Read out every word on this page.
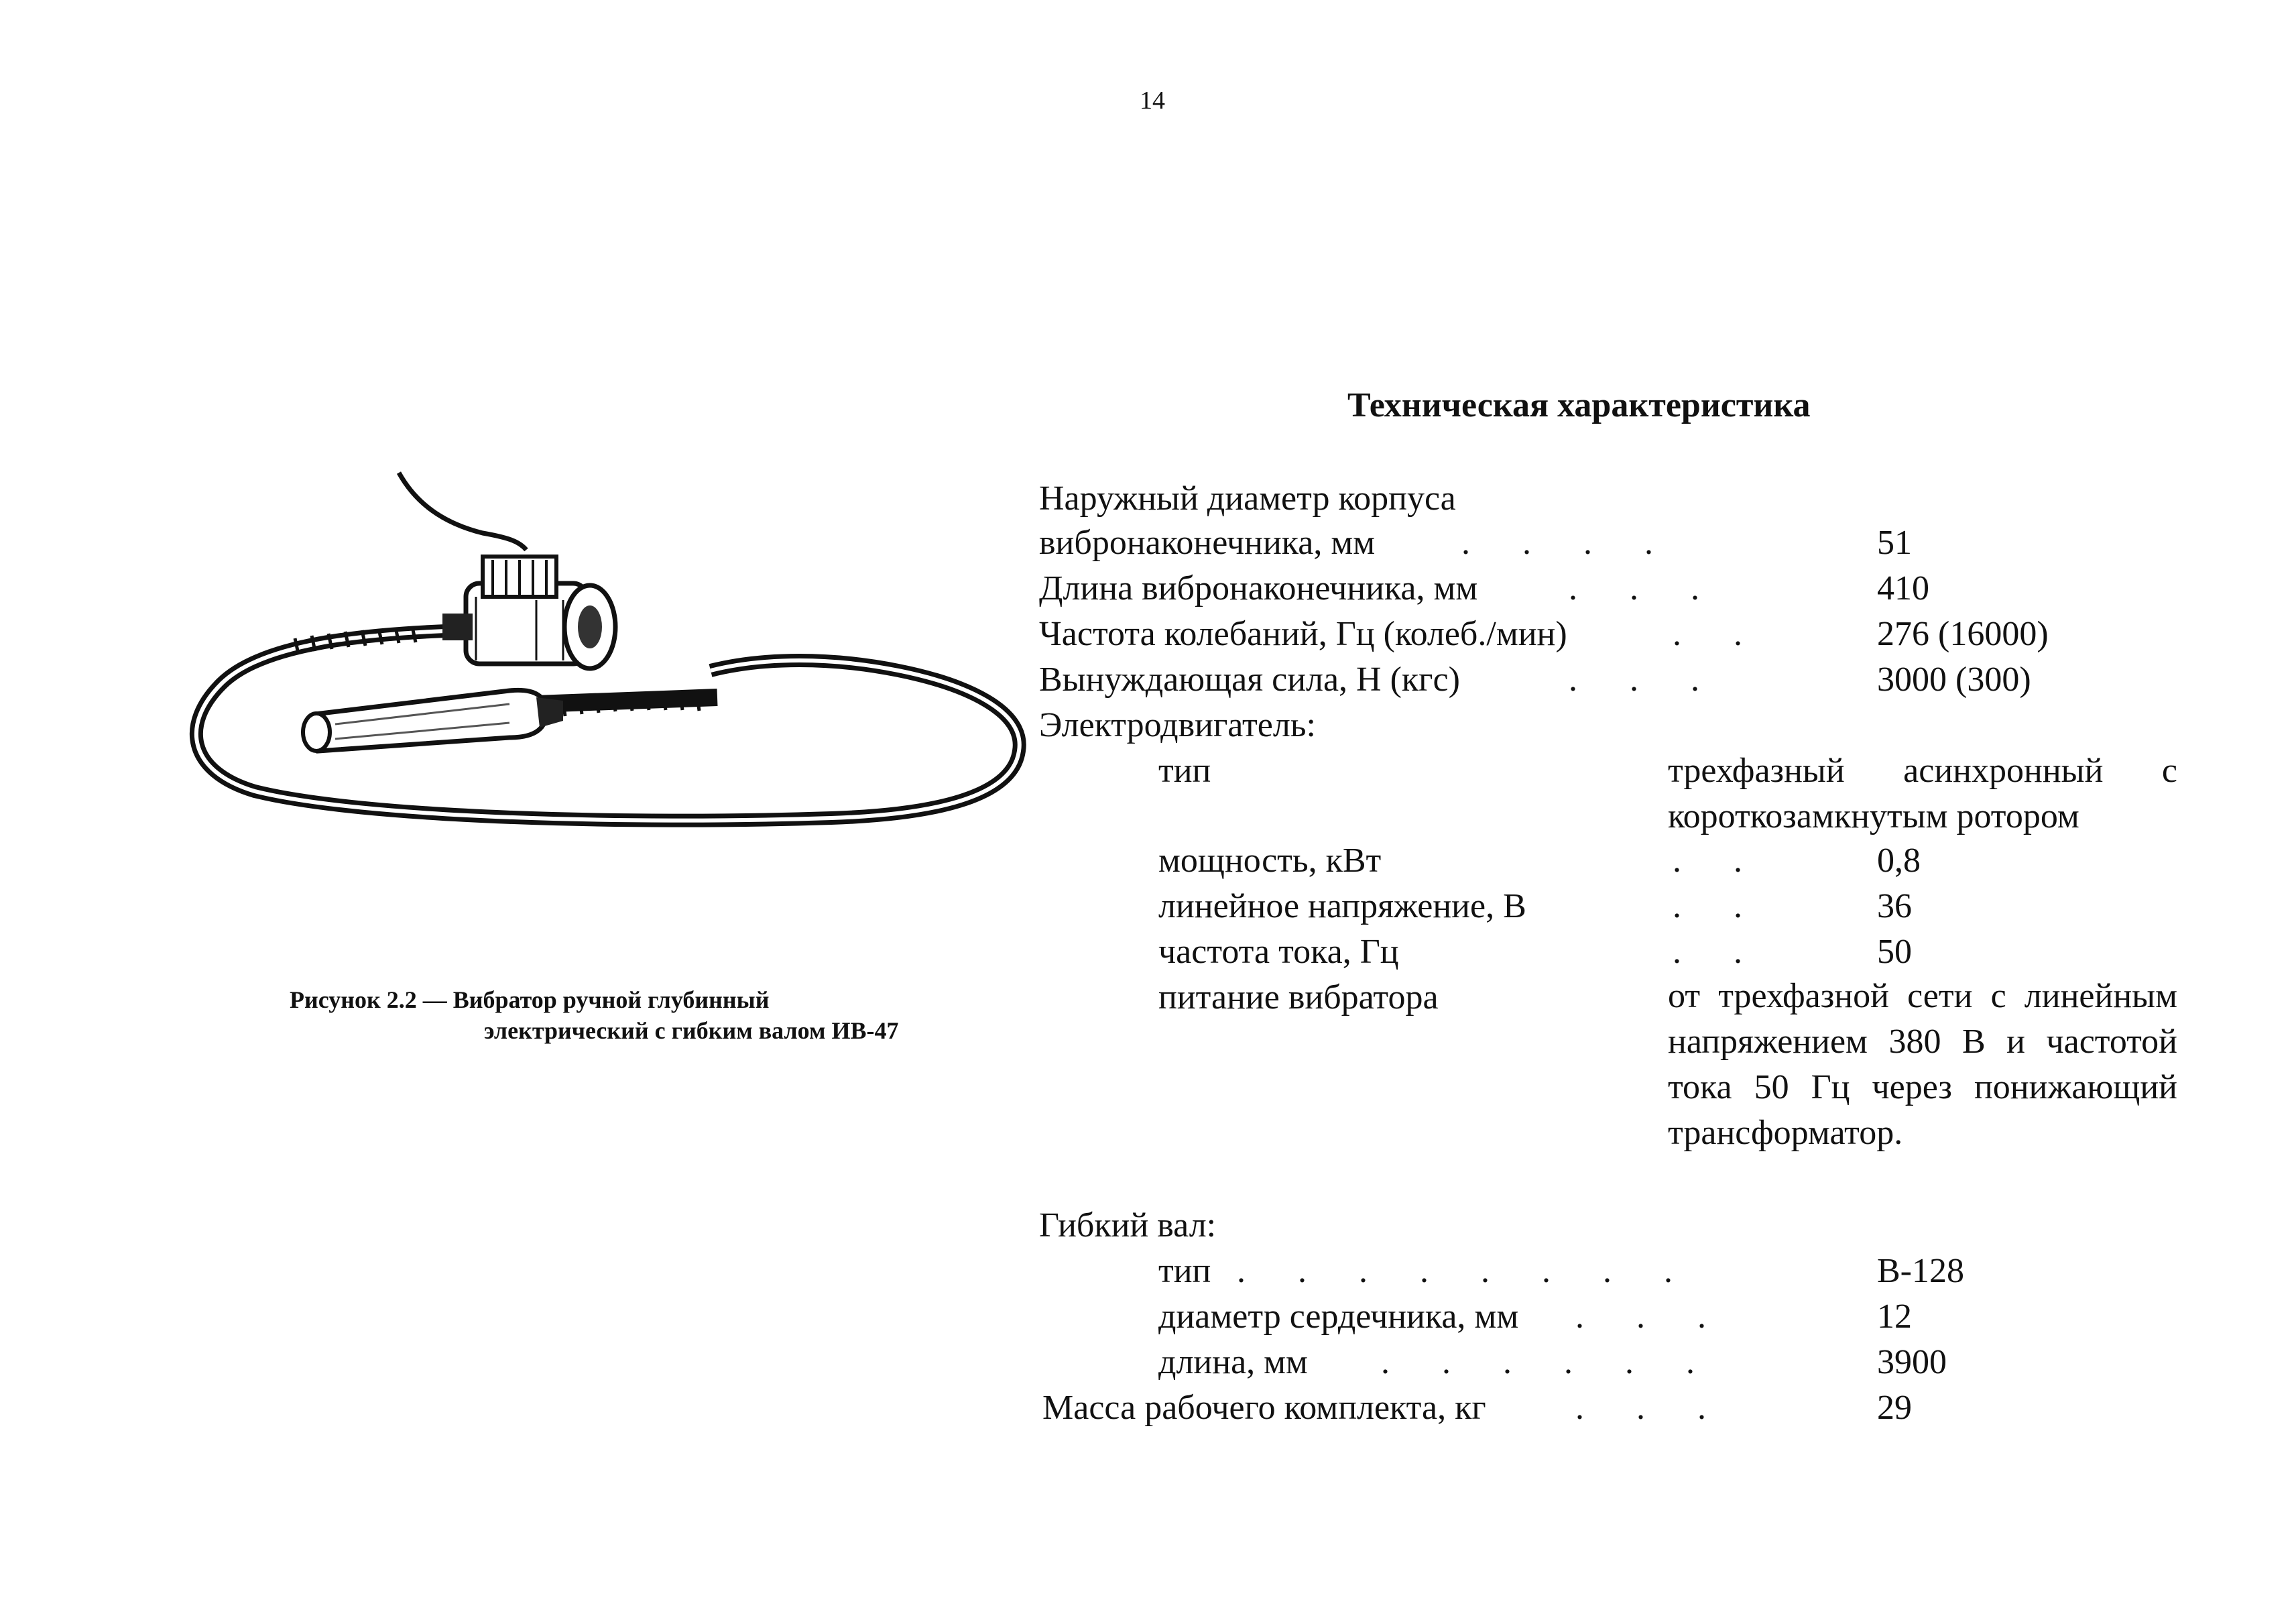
14
Рисунок 2.2 — Вибратор ручной глубинный
электрический с гибким валом ИВ-47
Техническая характеристика
Наружный диаметр корпуса
вибронаконечника, мм .      .      .      .	51
Длина вибронаконечника, мм	.      .      .	410
Частота колебаний, Гц (колеб./мин)	.      .	276 (16000)
Вынуждающая сила, Н (кгс)	.      .      .	3000 (300)
Электродвигатель:
тип	трехфазный асинхронный с короткозамкнутым ротором
мощность, кВт	.      .	0,8
линейное напряжение, В	.      .	36
частота тока, Гц	.      .	50
питание вибратора	от трехфазной сети с линейным напряжением 380 В и частотой тока 50 Гц через понижающий трансформатор.
Гибкий вал:
тип .      .      .      .      .      .      .      .	В-128
диаметр сердечника, мм .      .      .	12
длина, мм .      .      .      .      .      .	3900
Масса рабочего комплекта, кг	.      .      .	29
